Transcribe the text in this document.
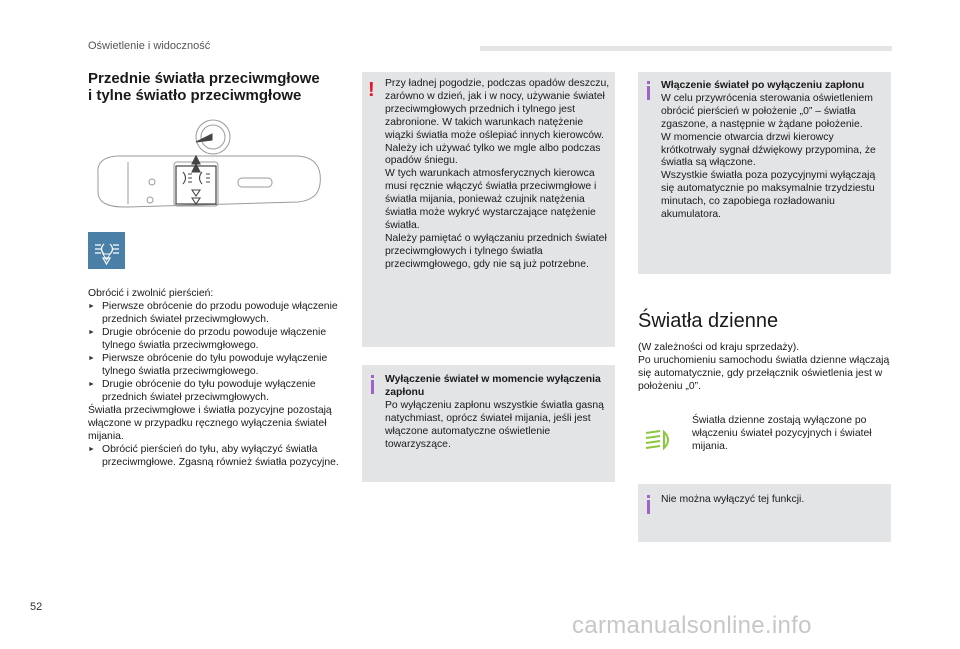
Oświetlenie i widoczność
Przednie światła przeciwmgłowe
i tylne światło przeciwmgłowe

Obrócić i zwolnić pierścień:

► Pierwsze obrócenie do przodu powoduje włączenie przednich świateł przeciwmgłowych.

► Drugie obrócenie do przodu powoduje włączenie tylnego światła przeciwmgłowego.

► Pierwsze obrócenie do tyłu powoduje wyłączenie tylnego światła przeciwmgłowego.

► Drugie obrócenie do tyłu powoduje wyłączenie przednich świateł przeciwmgłowych.

Światła przeciwmgłowe i światła pozycyjne pozostają włączone w przypadku ręcznego wyłączenia świateł mijania.

► Obrócić pierścień do tyłu, aby wyłączyć światła przeciwmgłowe. Zgasną również światła pozycyjne.

! Przy ładnej pogodzie, podczas opadów deszczu, zarówno w dzień, jak i w nocy, używanie świateł przeciwmgłowych przednich i tylnego jest zabronione. W takich warunkach natężenie wiązki światła może oślepiać innych kierowców. Należy ich używać tylko we mgle albo podczas opadów śniegu.
W tych warunkach atmosferycznych kierowca musi ręcznie włączyć światła przeciwmgłowe i światła mijania, ponieważ czujnik natężenia światła może wykryć wystarczające natężenie światła.
Należy pamiętać o wyłączaniu przednich świateł przeciwmgłowych i tylnego światła przeciwmgłowego, gdy nie są już potrzebne.
Wyłączenie świateł w momencie wyłączenia zapłonu
Po wyłączeniu zapłonu wszystkie światła gasną natychmiast, oprócz świateł mijania, jeśli jest włączone automatyczne oświetlenie towarzyszące.
Włączenie świateł po wyłączeniu zapłonu
W celu przywrócenia sterowania oświetleniem obrócić pierścień w położenie „0” – światła zgaszone, a następnie w żądane położenie.
W momencie otwarcia drzwi kierowcy krótkotrwały sygnał dźwiękowy przypomina, że światła są włączone.
Wszystkie światła poza pozycyjnymi wyłączają się automatycznie po maksymalnie trzydziestu minutach, co zapobiega rozładowaniu akumulatora.
Światła dzienne
(W zależności od kraju sprzedaży).
Po uruchomieniu samochodu światła dzienne włączają się automatycznie, gdy przełącznik oświetlenia jest w położeniu „0”.
Światła dzienne zostają wyłączone po włączeniu świateł pozycyjnych i świateł mijania.
Nie można wyłączyć tej funkcji.
52
carmanualsonline.info
